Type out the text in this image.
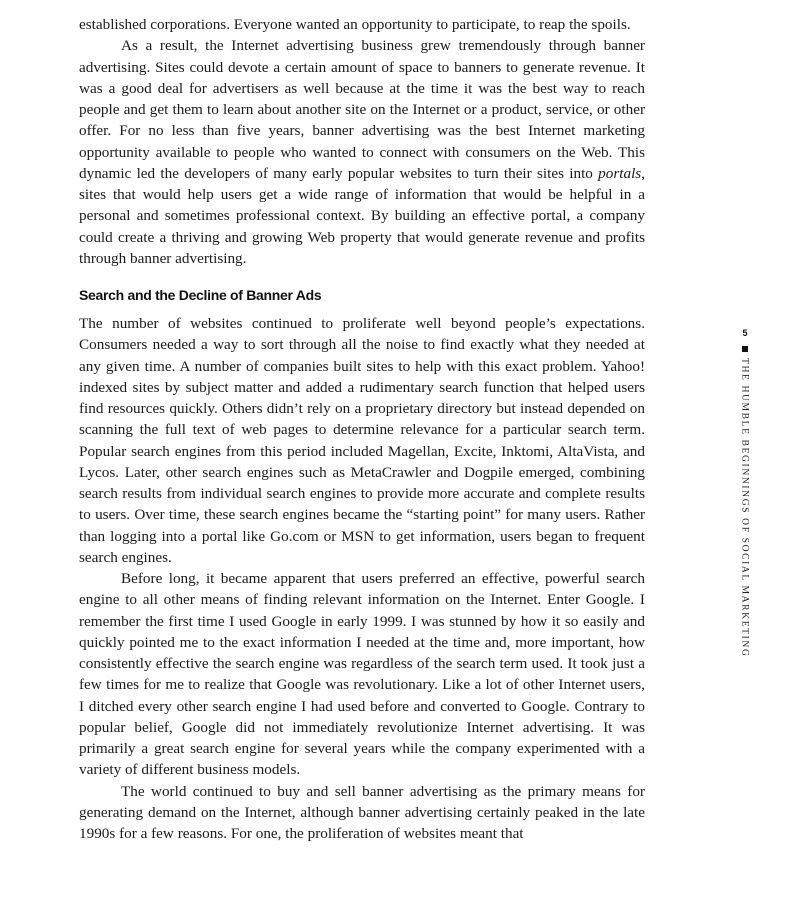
established corporations. Everyone wanted an opportunity to participate, to reap the spoils.

As a result, the Internet advertising business grew tremendously through banner advertising. Sites could devote a certain amount of space to banners to generate revenue. It was a good deal for advertisers as well because at the time it was the best way to reach people and get them to learn about another site on the Internet or a product, service, or other offer. For no less than five years, banner advertising was the best Internet marketing opportunity available to people who wanted to connect with consumers on the Web. This dynamic led the developers of many early popular websites to turn their sites into portals, sites that would help users get a wide range of information that would be helpful in a personal and sometimes professional context. By building an effective portal, a company could create a thriving and growing Web property that would generate revenue and profits through banner advertising.

Search and the Decline of Banner Ads

The number of websites continued to proliferate well beyond people’s expectations. Consumers needed a way to sort through all the noise to find exactly what they needed at any given time. A number of companies built sites to help with this exact problem. Yahoo! indexed sites by subject matter and added a rudimentary search function that helped users find resources quickly. Others didn’t rely on a proprietary directory but instead depended on scanning the full text of web pages to determine relevance for a particular search term. Popular search engines from this period included Magellan, Excite, Inktomi, AltaVista, and Lycos. Later, other search engines such as MetaCrawler and Dogpile emerged, combining search results from individual search engines to provide more accurate and complete results to users. Over time, these search engines became the “starting point” for many users. Rather than logging into a portal like Go.com or MSN to get information, users began to frequent search engines.

Before long, it became apparent that users preferred an effective, powerful search engine to all other means of finding relevant information on the Internet. Enter Google. I remember the first time I used Google in early 1999. I was stunned by how it so easily and quickly pointed me to the exact information I needed at the time and, more important, how consistently effective the search engine was regardless of the search term used. It took just a few times for me to realize that Google was revolutionary. Like a lot of other Internet users, I ditched every other search engine I had used before and converted to Google. Contrary to popular belief, Google did not immediately revolutionize Internet advertising. It was primarily a great search engine for several years while the company experimented with a variety of different business models.

The world continued to buy and sell banner advertising as the primary means for generating demand on the Internet, although banner advertising certainly peaked in the late 1990s for a few reasons. For one, the proliferation of websites meant that

5
THE HUMBLE BEGINNINGS OF SOCIAL MARKETING
